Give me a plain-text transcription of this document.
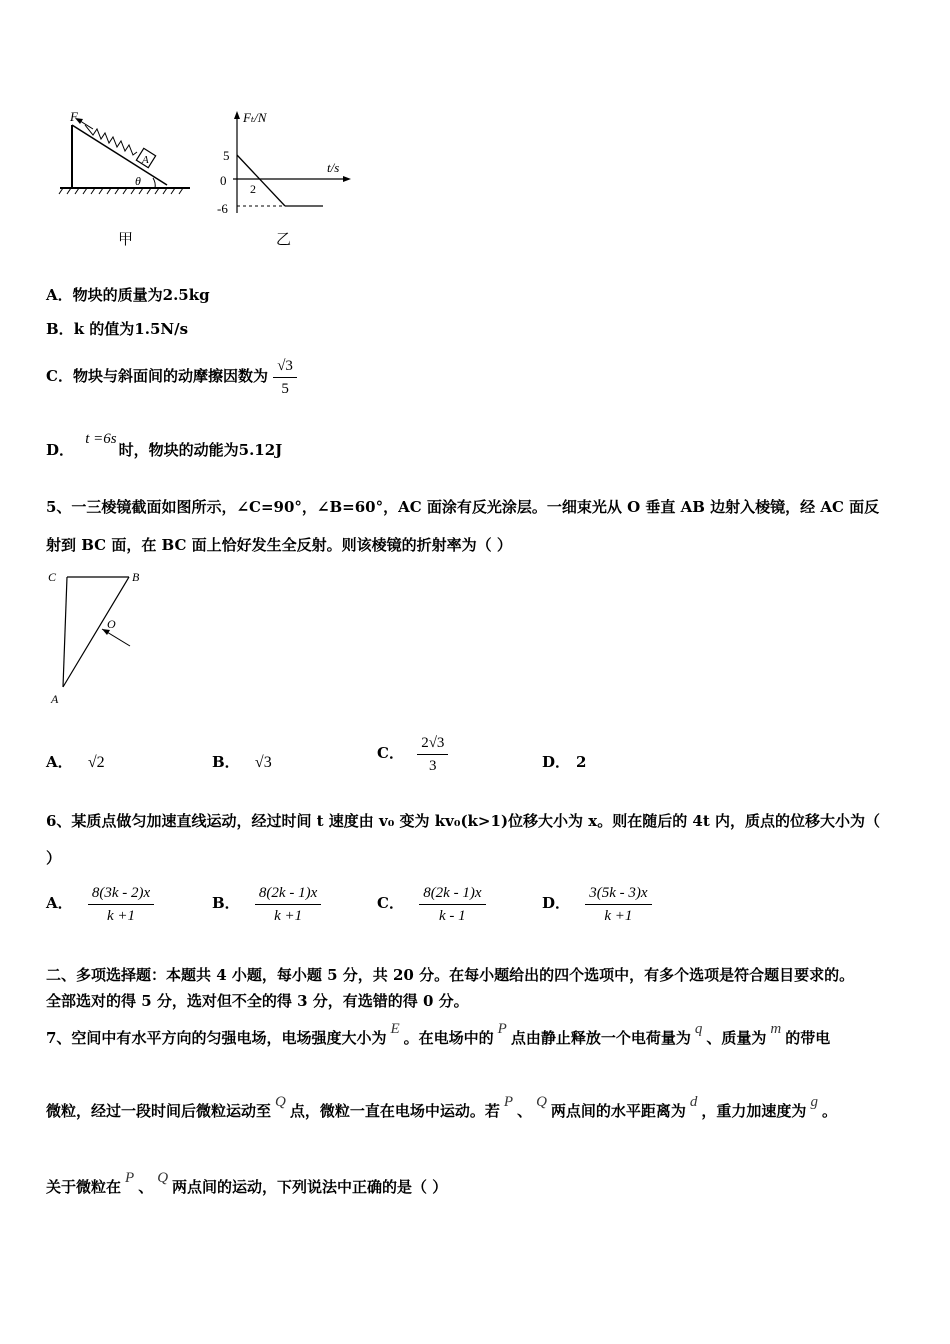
A
F
θ
甲
Fₜ/N
t/s
5
0
-6
2
乙
A．物块的质量为2.5kg
B．k 的值为1.5N/s
C．物块与斜面间的动摩擦因数为 $\frac{√3}{5}$
D． t =6s时，物块的动能为5.12J
5、一三棱镜截面如图所示，∠C=90°，∠B=60°，AC 面涂有反光涂层。一细束光从 O 垂直 AB 边射入棱镜，经 AC 面反
射到 BC 面，在 BC 面上恰好发生全反射。则该棱镜的折射率为（ ）
C	B
O
A
A． √2	B． √3
C． $\frac{2√3}{3}$	D． 2
6、某质点做匀加速直线运动，经过时间 t 速度由 v₀ 变为 kv₀(k>1)位移大小为 x。则在随后的 4t 内，质点的位移大小为（
）
A． $\frac{8(3k - 2)x}{k +1}$	B． $\frac{8(2k - 1)x}{k +1}$	C． $\frac{8(2k - 1)x}{k - 1}$	D． $\frac{3(5k - 3)x}{k +1}$
二、多项选择题：本题共 4 小题，每小题 5 分，共 20 分。在每小题给出的四个选项中，有多个选项是符合题目要求的。
全部选对的得 5 分，选对但不全的得 3 分，有选错的得 0 分。
7、空间中有水平方向的匀强电场，电场强度大小为 E 。在电场中的 P 点由静止释放一个电荷量为 q 、质量为 m 的带电
微粒，经过一段时间后微粒运动至 Q 点，微粒一直在电场中运动。若 P 、 Q 两点间的水平距离为 d ，重力加速度为 g 。
关于微粒在 P 、 Q 两点间的运动，下列说法中正确的是（ ）
